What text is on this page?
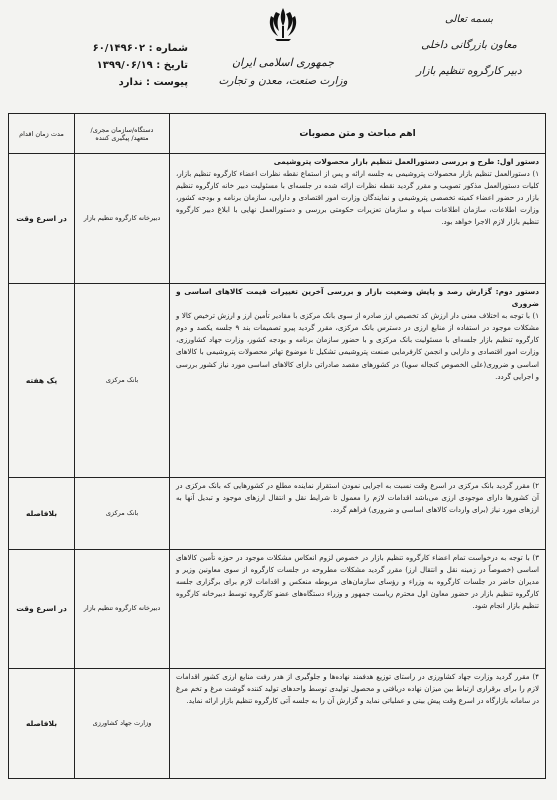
بسمه تعالی
معاون بازرگانی داخلی
دبیر کارگروه تنظیم بازار
جمهوری اسلامی ایران
وزارت صنعت، معدن و تجارت
شماره : ۶۰/۱۴۹۶۰۲
تاریخ : ۱۳۹۹/۰۶/۱۹
پیوست : ندارد
اهم مباحث و متن مصوبات
دستگاه/سازمان مجری/ متعهد/ پیگیری کننده
مدت زمان اقدام
دستور اول: طرح و بررسی دستورالعمل تنظیم بازار محصولات پتروشیمی
۱) دستورالعمل تنظیم بازار محصولات پتروشیمی به جلسه ارائه و پس از استماع نقطه نظرات اعضاء کارگروه تنظیم بازار، کلیات دستورالعمل مذکور تصویب و مقرر گردید نقطه نظرات ارائه شده در جلسه‌ای با مسئولیت دبیر خانه کارگروه تنظیم بازار در حضور اعضاء کمیته تخصصی پتروشیمی و نمایندگان وزارت امور اقتصادی و دارایی، سازمان برنامه و بودجه کشور، وزارت اطلاعات، سازمان اطلاعات سپاه و سازمان تعزیرات حکومتی بررسی و دستورالعمل نهایی با ابلاغ دبیر کارگروه تنظیم بازار لازم الاجرا خواهد بود.
دبیرخانه کارگروه تنظیم بازار
در اسرع وقت
دستور دوم: گزارش رصد و پایش وضعیت بازار و بررسی آخرین تغییرات قیمت کالاهای اساسی و ضروری
۱) با توجه به اختلاف معنی دار ارزش کد تخصیص ارز صادره از سوی بانک مرکزی با مقادیر تأمین ارز و ارزش ترخیص کالا و مشکلات موجود در استفاده از منابع ارزی در دسترس بانک مرکزی، مقرر گردید پیرو تصمیمات بند ۹ جلسه یکصد و دوم کارگروه تنظیم بازار جلسه‌ای با مسئولیت بانک مرکزی و با حضور سازمان برنامه و بودجه کشور، وزارت جهاد کشاورزی، وزارت امور اقتصادی و دارایی و انجمن کارفرمایی صنعت پتروشیمی تشکیل تا موضوع تهاتر محصولات پتروشیمی با کالاهای اساسی و ضروری(علی الخصوص کنجاله سویا) در کشورهای مقصد صادراتی دارای کالاهای اساسی مورد نیاز کشور بررسی و اجرایی گردد.
بانک مرکزی
یک هفته
۲) مقرر گردید بانک مرکزی در اسرع وقت نسبت به اجرایی نمودن استقرار نماینده مطلع در کشورهایی که بانک مرکزی در آن کشورها دارای موجودی ارزی می‌باشد اقدامات لازم را معمول تا شرایط نقل و انتقال ارزهای موجود و تبدیل آنها به ارزهای مورد نیاز (برای واردات کالاهای اساسی و ضروری) فراهم گردد.
بانک مرکزی
بلافاصله
۳) با توجه به درخواست تمام اعضاء کارگروه تنظیم بازار در خصوص لزوم انعکاس مشکلات موجود در حوزه تأمین کالاهای اساسی (خصوصاً در زمینه نقل و انتقال ارز) مقرر گردید مشکلات مطروحه در جلسات کارگروه از سوی معاونین وزیر و مدیران حاضر در جلسات کارگروه به وزراء و رؤسای سازمان‌های مربوطه منعکس و اقدامات لازم برای برگزاری جلسه کارگروه تنظیم بازار در حضور معاون اول محترم ریاست جمهور و وزراء دستگاه‌های عضو کارگروه توسط دبیرخانه کارگروه تنظیم بازار انجام شود.
دبیرخانه کارگروه تنظیم بازار
در اسرع وقت
۴) مقرر گردید وزارت جهاد کشاورزی در راستای توزیع هدفمند نهاده‌ها و جلوگیری از هدر رفت منابع ارزی کشور اقدامات لازم را برای برقراری ارتباط بین میزان نهاده دریافتی و محصول تولیدی توسط واحدهای تولید کننده گوشت مرغ و تخم مرغ در سامانه بازارگاه در اسرع وقت پیش بینی و عملیاتی نماید و گزارش آن را به جلسه آتی کارگروه تنظیم بازار ارائه نماید.
وزارت جهاد کشاورزی
بلافاصله
